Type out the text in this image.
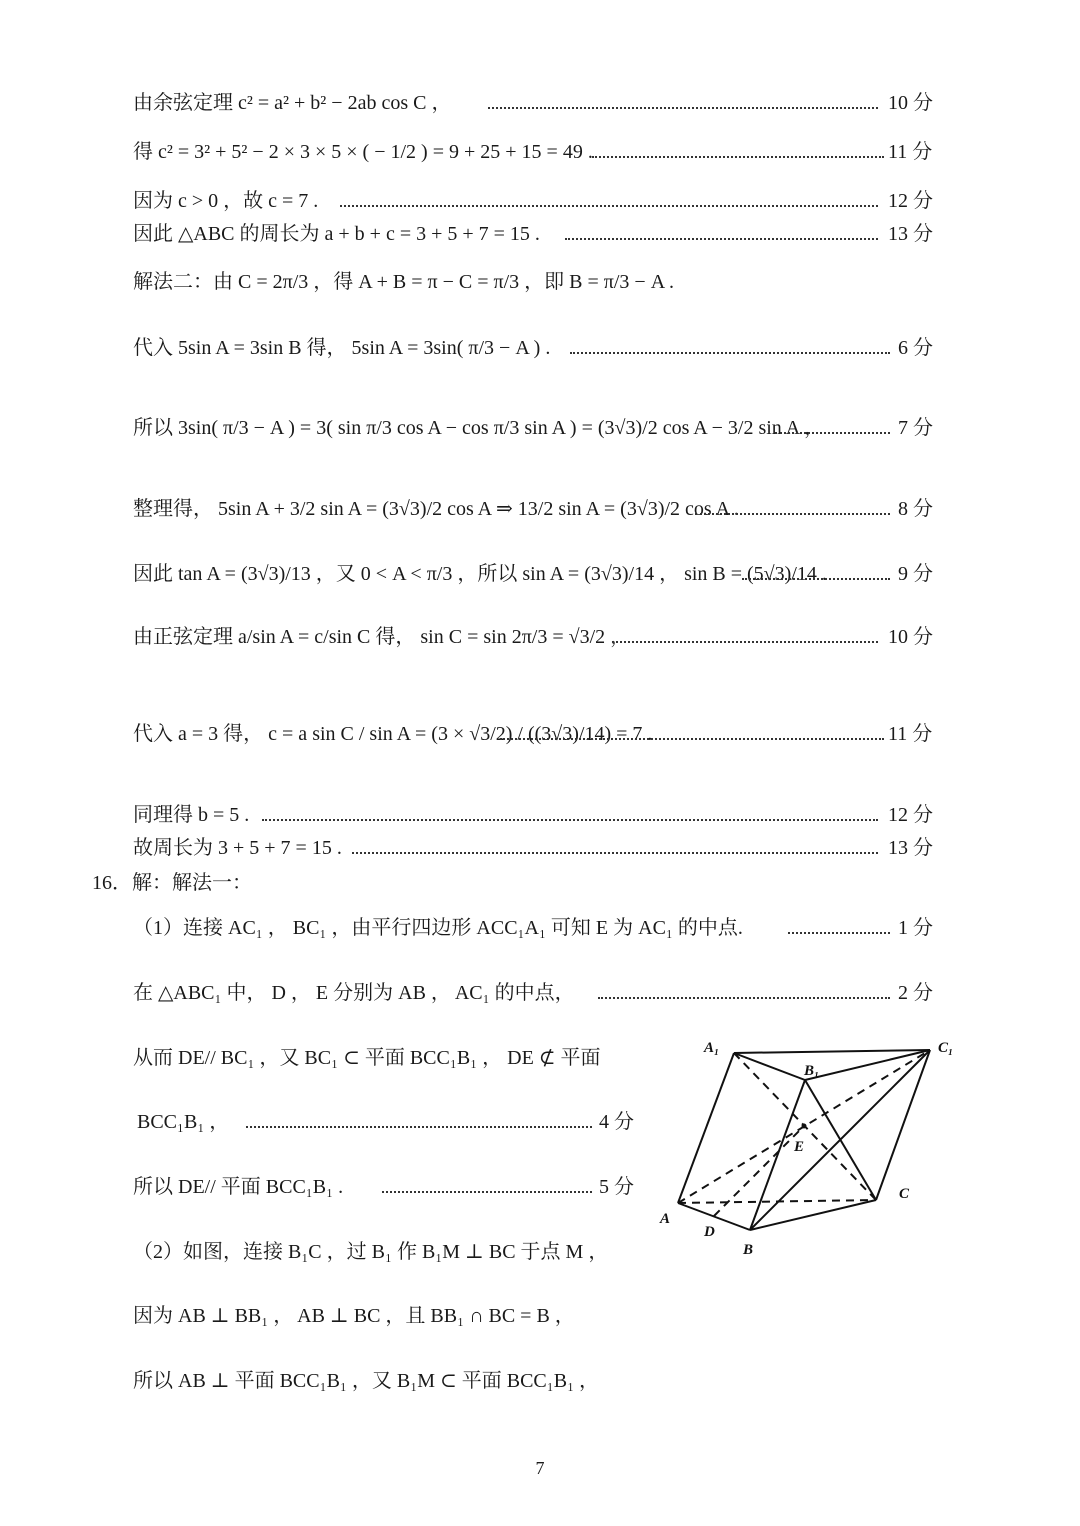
由余弦定理 c² = a² + b² − 2ab cos C ，	10 分
得 c² = 3² + 5² − 2 × 3 × 5 × ( − 1/2 ) = 9 + 25 + 15 = 49 .	11 分
因为 c > 0 ，故 c = 7 .	12 分
因此 △ABC 的周长为 a + b + c = 3 + 5 + 7 = 15 .	13 分
解法二：由 C = 2π/3 ，得 A + B = π − C = π/3 ，即 B = π/3 − A .
代入 5sin A = 3sin B 得， 5sin A = 3sin( π/3 − A ) .	6 分
所以 3sin( π/3 − A ) = 3( sin π/3 cos A − cos π/3 sin A ) = (3√3)/2 cos A − 3/2 sin A ，	7 分
整理得， 5sin A + 3/2 sin A = (3√3)/2 cos A ⇒ 13/2 sin A = (3√3)/2 cos A .	8 分
因此 tan A = (3√3)/13 ，又 0 < A < π/3 ，所以 sin A = (3√3)/14 ， sin B = (5√3)/14 .	9 分
由正弦定理 a/sin A = c/sin C 得， sin C = sin 2π/3 = √3/2 ，	10 分
代入 a = 3 得， c = a sin C / sin A = (3 × √3/2) / ((3√3)/14) = 7 .	11 分
同理得 b = 5 .	12 分
故周长为 3 + 5 + 7 = 15 .	13 分
16．解：解法一：
（1）连接 AC₁ ， BC₁ ，由平行四边形 ACC₁A₁ 可知 E 为 AC₁ 的中点.	1 分
在 △ABC₁ 中， D ， E 分别为 AB ， AC₁ 的中点，	2 分
从而 DE// BC₁ ，又 BC₁ ⊂ 平面 BCC₁B₁ ， DE ⊄ 平面
BCC₁B₁ ，	4 分
所以 DE// 平面 BCC₁B₁ .	5 分
（2）如图，连接 B₁C ，过 B₁ 作 B₁M ⊥ BC 于点 M ，
因为 AB ⊥ BB₁ ， AB ⊥ BC ，且 BB₁ ∩ BC = B ，
所以 AB ⊥ 平面 BCC₁B₁ ，又 B₁M ⊂ 平面 BCC₁B₁ ，
A₁
B₁
C₁
E
A
D
B
C
7
